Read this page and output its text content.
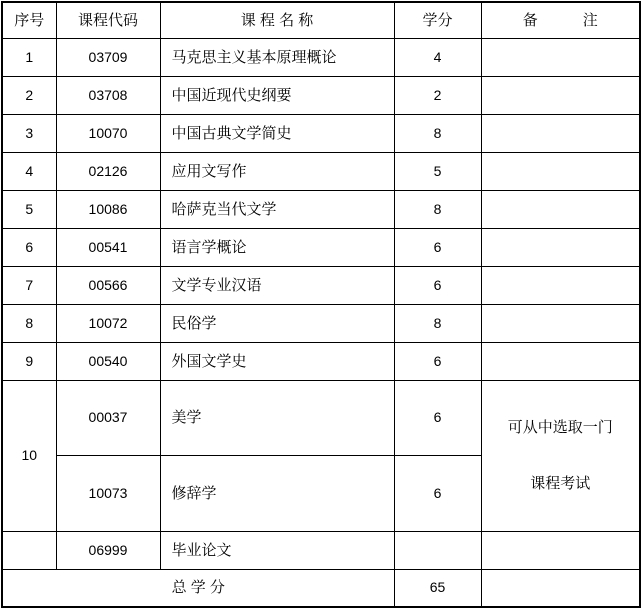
序号	课程代码	课 程 名 称	学分	备　　　注
1	03709	马克思主义基本原理概论	4	
2	03708	中国近现代史纲要	2	
3	10070	中国古典文学简史	8	
4	02126	应用文写作	5	
5	10086	哈萨克当代文学	8	
6	00541	语言学概论	6	
7	00566	文学专业汉语	6	
8	10072	民俗学	8	
9	00540	外国文学史	6	
10	00037	美学	6	可从中选取一门

课程考试

	10073	修辞学	6	
	06999	毕业论文		
总 学 分			65	
